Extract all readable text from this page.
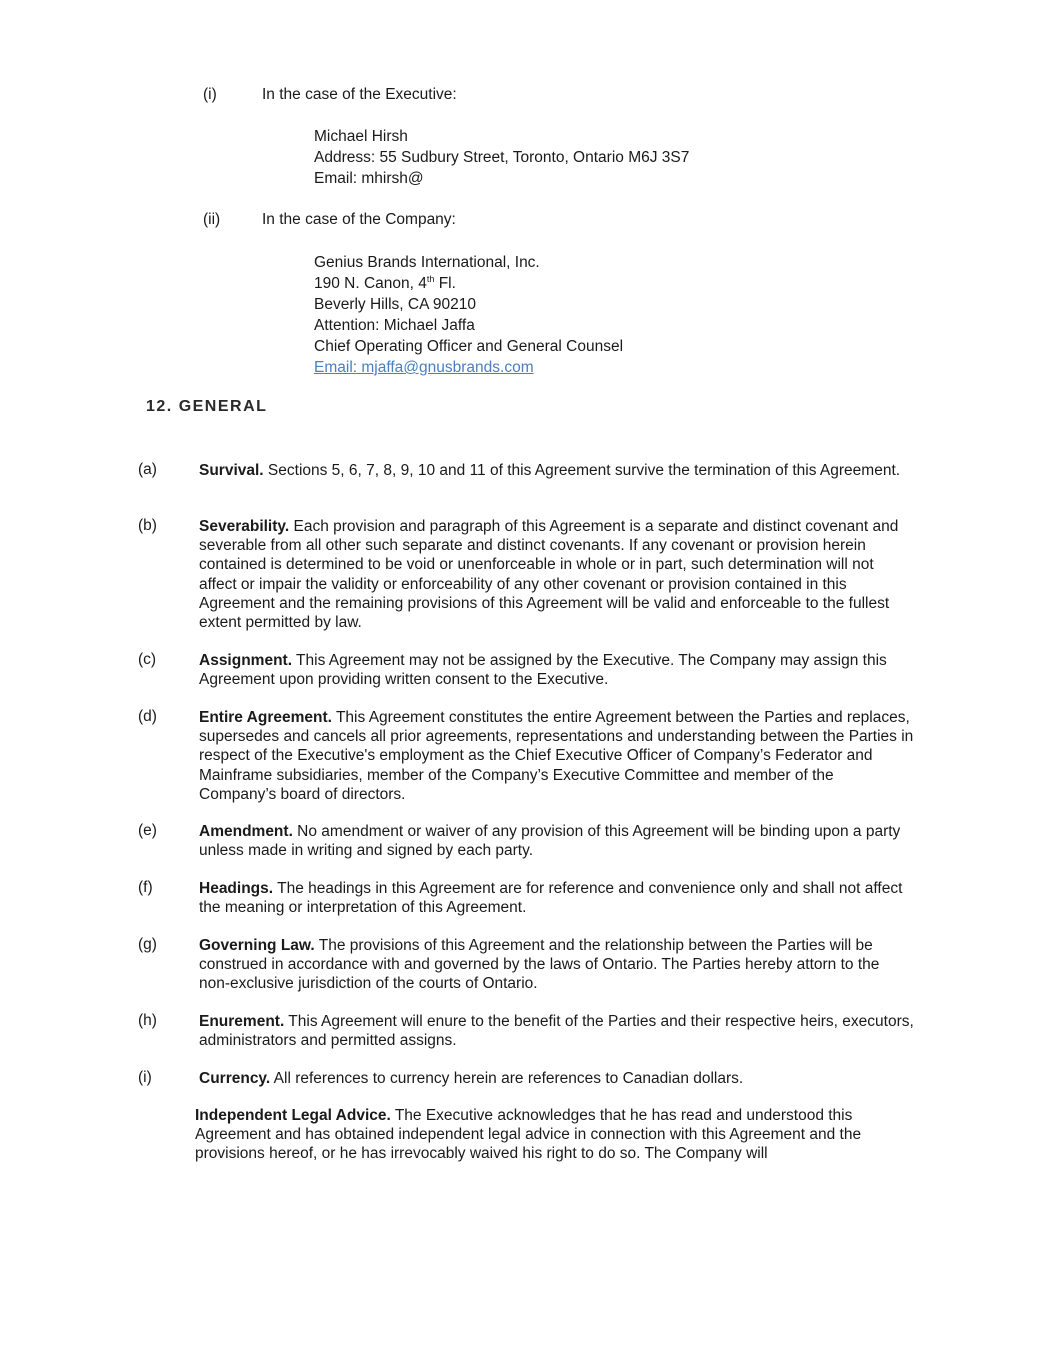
(i)	In the case of the Executive:
Michael Hirsh
Address: 55 Sudbury Street, Toronto, Ontario M6J 3S7
Email: mhirsh@
(ii)	In the case of the Company:
Genius Brands International, Inc.
190 N. Canon, 4th Fl.
Beverly Hills, CA 90210
Attention: Michael Jaffa
Chief Operating Officer and General Counsel
Email: mjaffa@gnusbrands.com
12. GENERAL
(a)	Survival. Sections 5, 6, 7, 8, 9, 10 and 11 of this Agreement survive the termination of this Agreement.
(b)	Severability. Each provision and paragraph of this Agreement is a separate and distinct covenant and severable from all other such separate and distinct covenants. If any covenant or provision herein contained is determined to be void or unenforceable in whole or in part, such determination will not affect or impair the validity or enforceability of any other covenant or provision contained in this Agreement and the remaining provisions of this Agreement will be valid and enforceable to the fullest extent permitted by law.
(c)	Assignment. This Agreement may not be assigned by the Executive. The Company may assign this Agreement upon providing written consent to the Executive.
(d)	Entire Agreement. This Agreement constitutes the entire Agreement between the Parties and replaces, supersedes and cancels all prior agreements, representations and understanding between the Parties in respect of the Executive's employment as the Chief Executive Officer of Company’s Federator and Mainframe subsidiaries, member of the Company’s Executive Committee and member of the Company’s board of directors.
(e)	Amendment. No amendment or waiver of any provision of this Agreement will be binding upon a party unless made in writing and signed by each party.
(f)	Headings. The headings in this Agreement are for reference and convenience only and shall not affect the meaning or interpretation of this Agreement.
(g)	Governing Law. The provisions of this Agreement and the relationship between the Parties will be construed in accordance with and governed by the laws of Ontario. The Parties hereby attorn to the non-exclusive jurisdiction of the courts of Ontario.
(h)	Enurement. This Agreement will enure to the benefit of the Parties and their respective heirs, executors, administrators and permitted assigns.
(i)	Currency. All references to currency herein are references to Canadian dollars.
Independent Legal Advice. The Executive acknowledges that he has read and understood this Agreement and has obtained independent legal advice in connection with this Agreement and the provisions hereof, or he has irrevocably waived his right to do so. The Company will
